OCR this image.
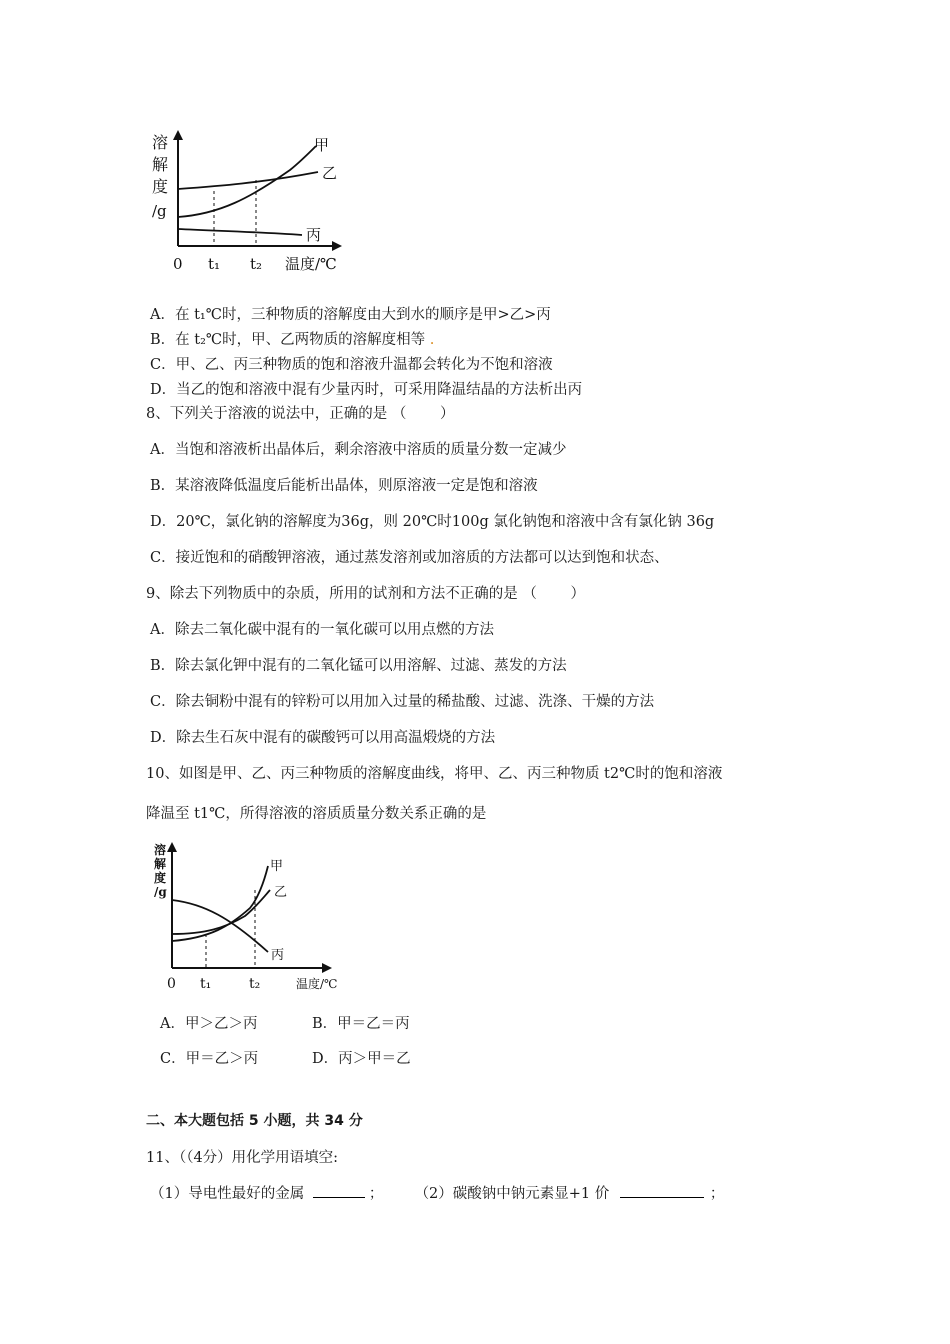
溶
解
度
/g
甲
乙
丙
0 t₁ t₂ 温度/℃
A．在 t₁℃时，三种物质的溶解度由大到水的顺序是甲>乙>丙
B．在 t₂℃时，甲、乙两物质的溶解度相等 .
C．甲、乙、丙三种物质的饱和溶液升温都会转化为不饱和溶液
D．当乙的饱和溶液中混有少量丙时，可采用降温结晶的方法析出丙
8、下列关于溶液的说法中，正确的是 （　　 ）
A．当饱和溶液析出晶体后，剩余溶液中溶质的质量分数一定减少
B．某溶液降低温度后能析出晶体，则原溶液一定是饱和溶液
D．20℃，氯化钠的溶解度为36g，则 20℃时100g 氯化钠饱和溶液中含有氯化钠 36g
C．接近饱和的硝酸钾溶液，通过蒸发溶剂或加溶质的方法都可以达到饱和状态、
9、除去下列物质中的杂质，所用的试剂和方法不正确的是 （　　 ）
A．除去二氧化碳中混有的一氧化碳可以用点燃的方法
B．除去氯化钾中混有的二氧化锰可以用溶解、过滤、蒸发的方法
C．除去铜粉中混有的锌粉可以用加入过量的稀盐酸、过滤、洗涤、干燥的方法
D．除去生石灰中混有的碳酸钙可以用高温煅烧的方法
10、如图是甲、乙、丙三种物质的溶解度曲线，将甲、乙、丙三种物质 t2℃时的饱和溶液
降温至 t1℃，所得溶液的溶质质量分数关系正确的是
溶
解
度
/g
甲
乙
丙
0 t₁	t₂	温度/℃
A．甲＞乙＞丙	B．甲＝乙＝丙
C．甲＝乙＞丙	D．丙＞甲＝乙
二、本大题包括 5 小题，共 34 分
11、（（4分）用化学用语填空:
（1）导电性最好的金属	； （2）碳酸钠中钠元素显+1 价	；
